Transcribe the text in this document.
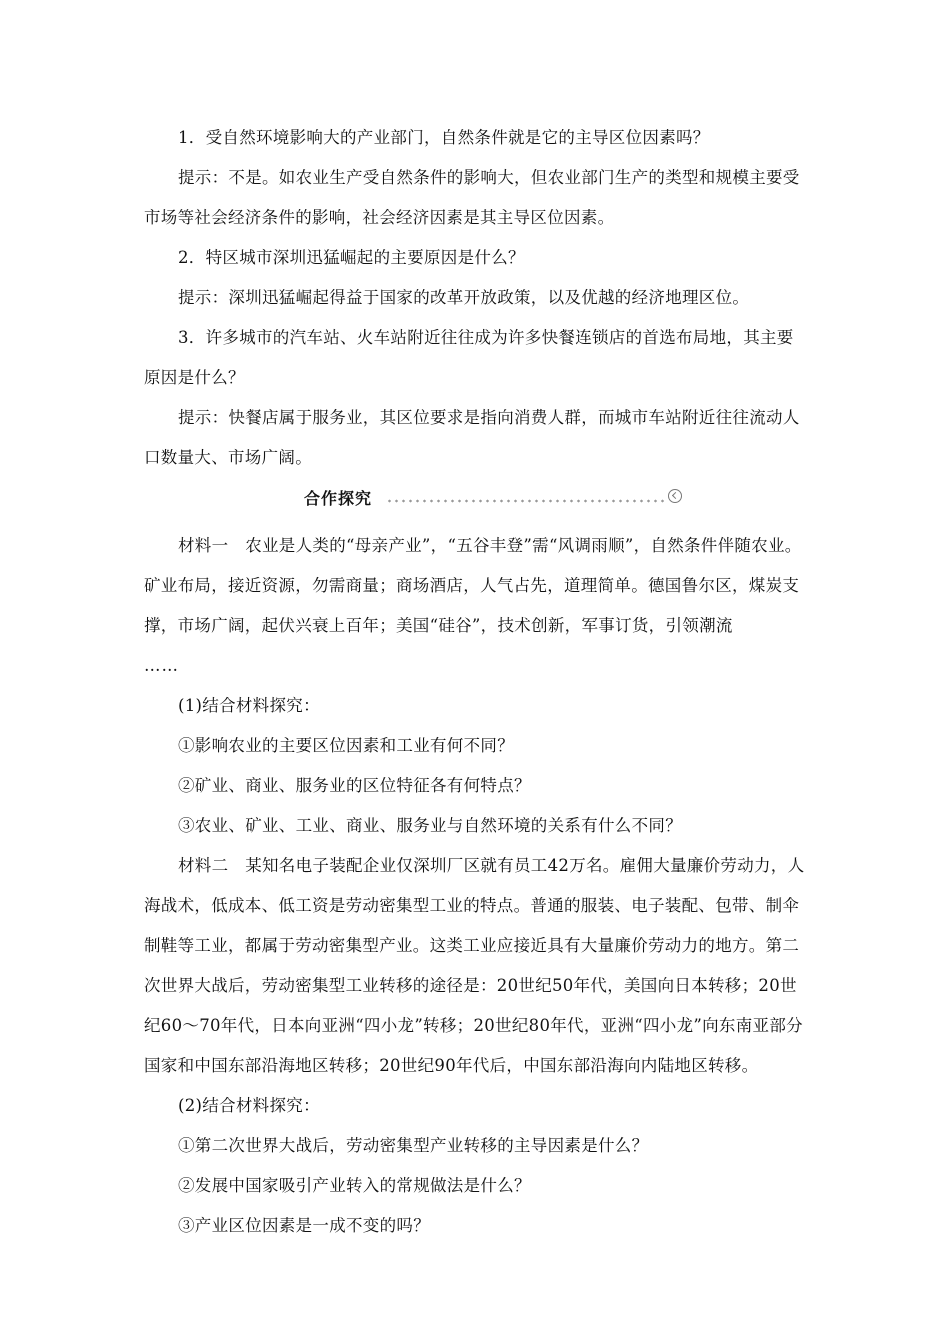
1．受自然环境影响大的产业部门，自然条件就是它的主导区位因素吗？

提示：不是。如农业生产受自然条件的影响大，但农业部门生产的类型和规模主要受市场等社会经济条件的影响，社会经济因素是其主导区位因素。

2．特区城市深圳迅猛崛起的主要原因是什么？

提示：深圳迅猛崛起得益于国家的改革开放政策，以及优越的经济地理区位。

3．许多城市的汽车站、火车站附近往往成为许多快餐连锁店的首选布局地，其主要原因是什么？

提示：快餐店属于服务业，其区位要求是指向消费人群，而城市车站附近往往流动人口数量大、市场广阔。

合作探究

材料一　农业是人类的“母亲产业”，“五谷丰登”需“风调雨顺”，自然条件伴随农业。矿业布局，接近资源，勿需商量；商场酒店，人气占先，道理简单。德国鲁尔区，煤炭支撑，市场广阔，起伏兴衰上百年；美国“硅谷”，技术创新，军事订货，引领潮流

……

(1)结合材料探究：

①影响农业的主要区位因素和工业有何不同？

②矿业、商业、服务业的区位特征各有何特点？

③农业、矿业、工业、商业、服务业与自然环境的关系有什么不同？

材料二　某知名电子装配企业仅深圳厂区就有员工42万名。雇佣大量廉价劳动力，人海战术，低成本、低工资是劳动密集型工业的特点。普通的服装、电子装配、包带、制伞制鞋等工业，都属于劳动密集型产业。这类工业应接近具有大量廉价劳动力的地方。第二次世界大战后，劳动密集型工业转移的途径是：20世纪50年代，美国向日本转移；20世纪60～70年代，日本向亚洲“四小龙”转移；20世纪80年代，亚洲“四小龙”向东南亚部分国家和中国东部沿海地区转移；20世纪90年代后，中国东部沿海向内陆地区转移。

(2)结合材料探究：

①第二次世界大战后，劳动密集型产业转移的主导因素是什么？

②发展中国家吸引产业转入的常规做法是什么？

③产业区位因素是一成不变的吗？
